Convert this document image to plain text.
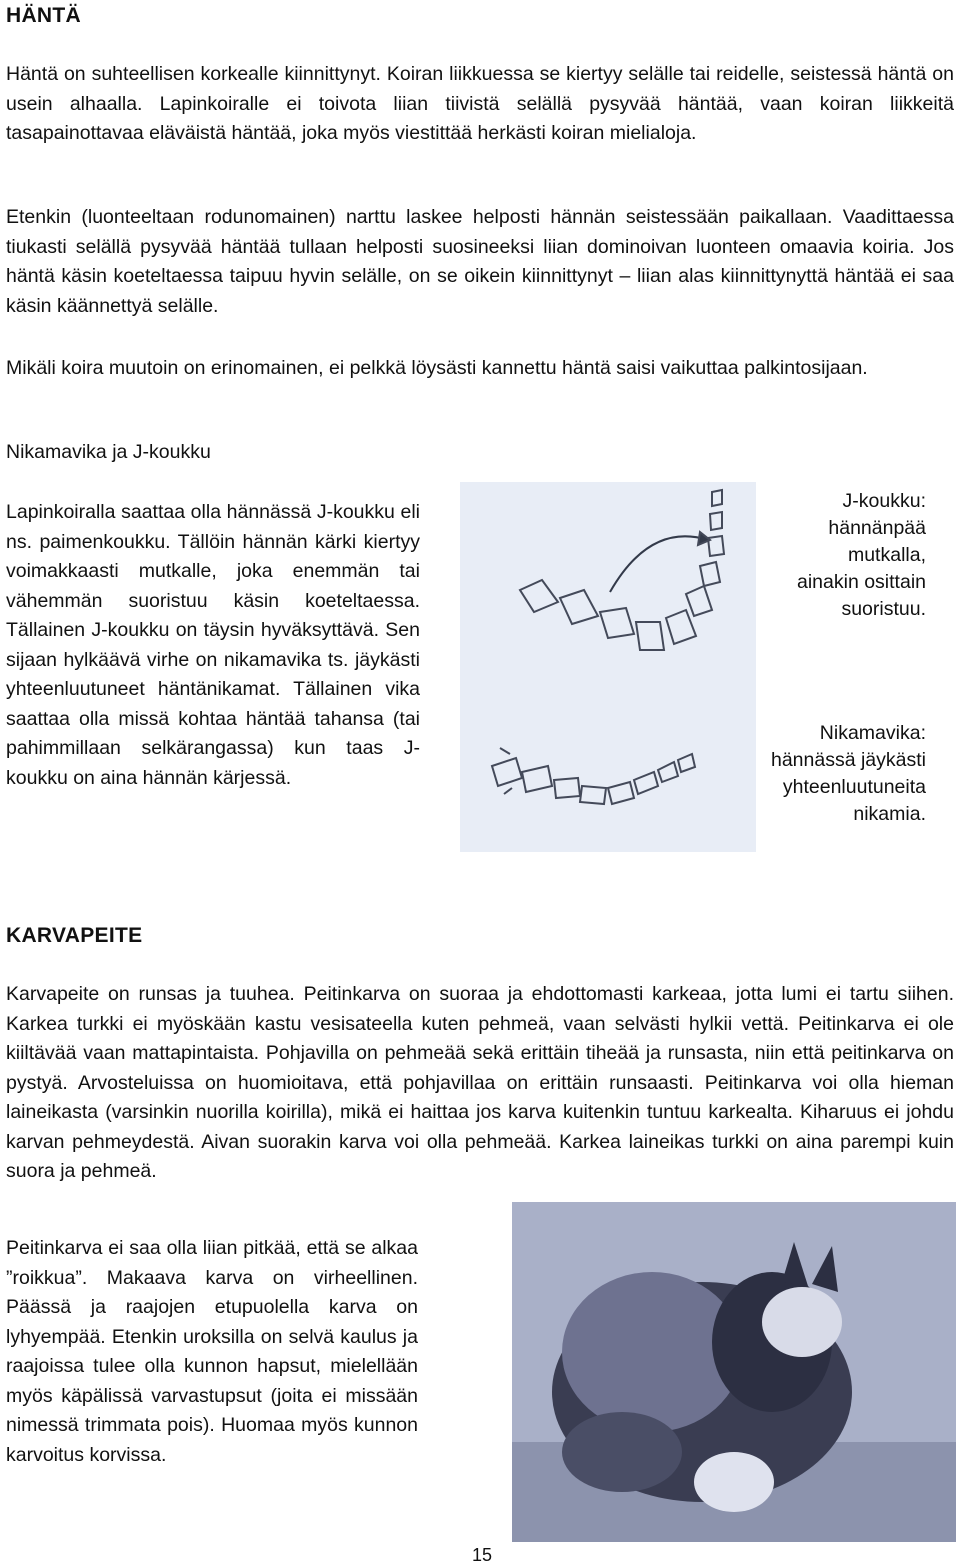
HÄNTÄ

Häntä on suhteellisen korkealle kiinnittynyt. Koiran liikkuessa se kiertyy selälle tai reidelle, seistessä häntä on usein alhaalla. Lapinkoiralle ei toivota liian tiivistä selällä pysyvää häntää, vaan koiran liikkeitä tasapainottavaa eläväistä häntää, joka myös viestittää herkästi koiran mielialoja.

Etenkin (luonteeltaan rodunomainen) narttu laskee helposti hännän seistessään paikallaan. Vaadittaessa tiukasti selällä pysyvää häntää tullaan helposti suosineeksi liian dominoivan luonteen omaavia koiria. Jos häntä käsin koeteltaessa taipuu hyvin selälle, on se oikein kiinnittynyt – liian alas kiinnittynyttä häntää ei saa käsin käännettyä selälle.

Mikäli koira muutoin on erinomainen, ei pelkkä löysästi kannettu häntä saisi vaikuttaa palkintosijaan.

Nikamavika ja J-koukku

Lapinkoiralla saattaa olla hännässä J-koukku eli ns. paimenkoukku. Tällöin hännän kärki kiertyy voimakkaasti mutkalle, joka enemmän tai vähemmän suoristuu käsin koeteltaessa. Tällainen J-koukku on täysin hyväksyttävä. Sen sijaan hylkäävä virhe on nikamavika ts. jäykästi yhteenluutuneet häntänikamat. Tällainen vika saattaa olla missä kohtaa häntää tahansa (tai pahimmillaan selkärangassa) kun taas J-koukku on aina hännän kärjessä.

J-koukku:
hännänpää
mutkalla,
ainakin osittain
suoristuu.

Nikamavika:
hännässä jäykästi
yhteenluutuneita
nikamia.

KARVAPEITE

Karvapeite on runsas ja tuuhea. Peitinkarva on suoraa ja ehdottomasti karkeaa, jotta lumi ei tartu siihen. Karkea turkki ei myöskään kastu vesisateella kuten pehmeä, vaan selvästi hylkii vettä. Peitinkarva ei ole kiiltävää vaan mattapintaista. Pohjavilla on pehmeää sekä erittäin tiheää ja runsasta, niin että peitinkarva on pystyä. Arvosteluissa on huomioitava, että pohjavillaa on erittäin runsaasti. Peitinkarva voi olla hieman laineikasta (varsinkin nuorilla koirilla), mikä ei haittaa jos karva kuitenkin tuntuu karkealta. Kiharuus ei johdu karvan pehmeydestä. Aivan suorakin karva voi olla pehmeää. Karkea laineikas turkki on aina parempi kuin suora ja pehmeä.

Peitinkarva ei saa olla liian pitkää, että se alkaa ”roikkua”. Makaava karva on virheellinen. Päässä ja raajojen etupuolella karva on lyhyempää. Etenkin uroksilla on selvä kaulus ja raajoissa tulee olla kunnon hapsut, mielellään myös käpälissä varvastupsut (joita ei missään nimessä trimmata pois). Huomaa myös kunnon karvoitus korvissa.

15
